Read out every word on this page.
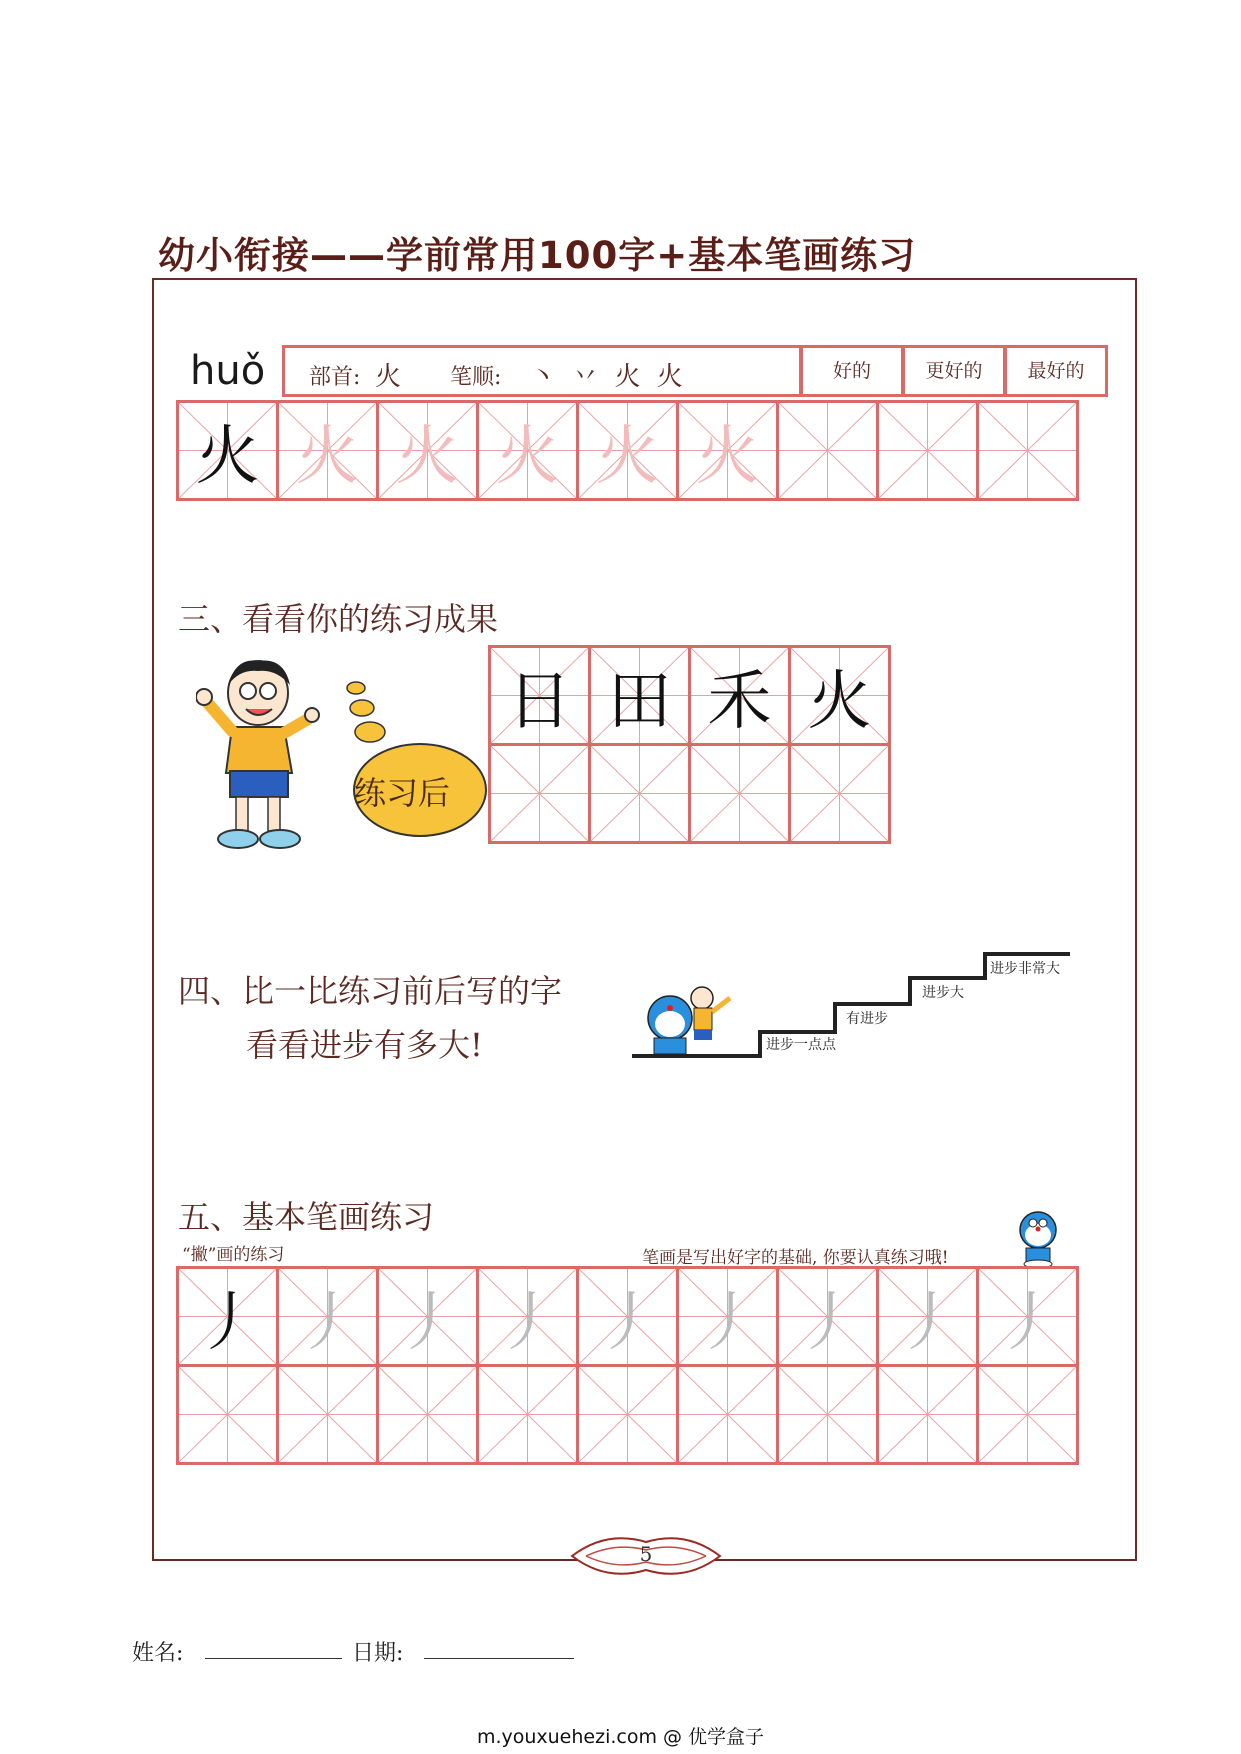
幼小衔接——学前常用100字+基本笔画练习
huǒ 部首: 火 笔顺: 丶 丷 火 火	好的	更好的	最好的
火	火	火	火	火	火

三、看看你的练习成果
练习后
日	田	禾	火

四、比一比练习前后写的字
看看进步有多大!	进步一点点
有进步
进步大
进步非常大
五、基本笔画练习
“撇”画的练习	笔画是写出好字的基础, 你要认真练习哦!
丿	丿	丿	丿	丿	丿	丿	丿	丿

5
姓名:	日期:
m.youxuehezi.com @ 优学盒子
